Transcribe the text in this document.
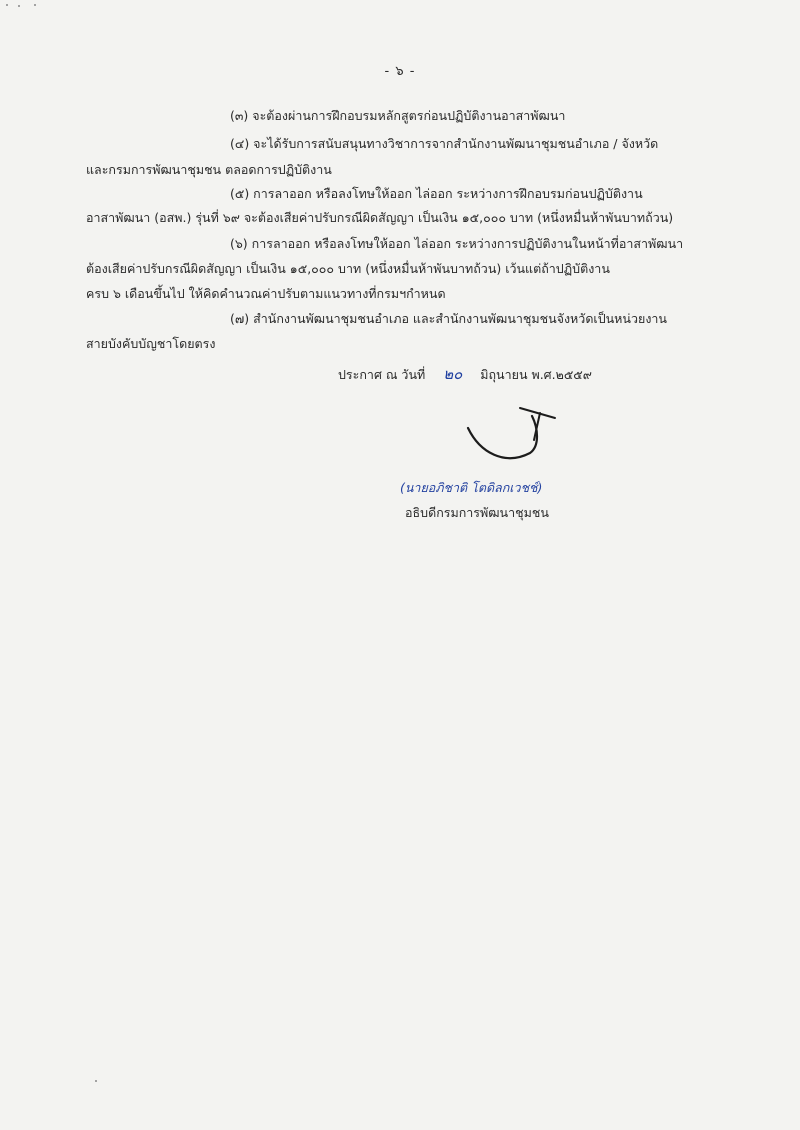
- ๖ -
(๓) จะต้องผ่านการฝึกอบรมหลักสูตรก่อนปฏิบัติงานอาสาพัฒนา
(๔) จะได้รับการสนับสนุนทางวิชาการจากสำนักงานพัฒนาชุมชนอำเภอ / จังหวัด
และกรมการพัฒนาชุมชน ตลอดการปฏิบัติงาน
(๕) การลาออก หรือลงโทษให้ออก ไล่ออก ระหว่างการฝึกอบรมก่อนปฏิบัติงาน
อาสาพัฒนา (อสพ.) รุ่นที่ ๖๙ จะต้องเสียค่าปรับกรณีผิดสัญญา เป็นเงิน ๑๕,๐๐๐ บาท (หนึ่งหมื่นห้าพันบาทถ้วน)
(๖) การลาออก หรือลงโทษให้ออก ไล่ออก ระหว่างการปฏิบัติงานในหน้าที่อาสาพัฒนา
ต้องเสียค่าปรับกรณีผิดสัญญา เป็นเงิน ๑๕,๐๐๐ บาท (หนึ่งหมื่นห้าพันบาทถ้วน) เว้นแต่ถ้าปฏิบัติงาน
ครบ ๖ เดือนขึ้นไป ให้คิดคำนวณค่าปรับตามแนวทางที่กรมฯกำหนด
(๗) สำนักงานพัฒนาชุมชนอำเภอ และสำนักงานพัฒนาชุมชนจังหวัดเป็นหน่วยงาน
สายบังคับบัญชาโดยตรง
ประกาศ ณ วันที่ ๒๐ มิถุนายน พ.ศ.๒๕๕๙
(นายอภิชาติ โตดิลกเวชช์)
อธิบดีกรมการพัฒนาชุมชน
